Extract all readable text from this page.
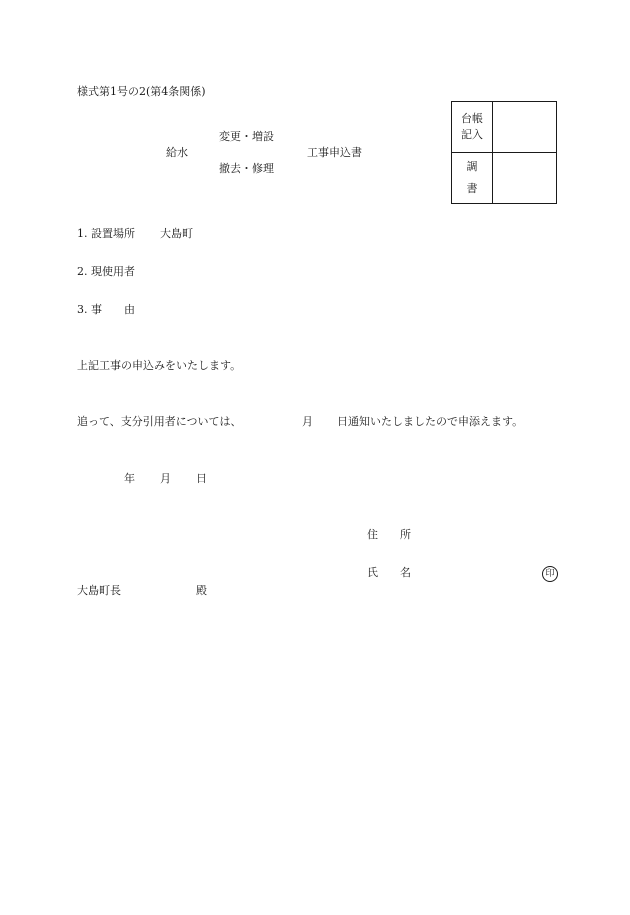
様式第1号の2(第4条関係)
給水
変更・増設
撤去・修理
工事申込書
台帳
記入	

調
書	

1. 設置場所 大島町
2. 現使用者
3. 事　　由
上記工事の申込みをいたします。
追って、支分引用者については、	月 日通知いたしましたので申添えます。
年 月 日
住　　所
氏　　名	印
大島町長	殿
